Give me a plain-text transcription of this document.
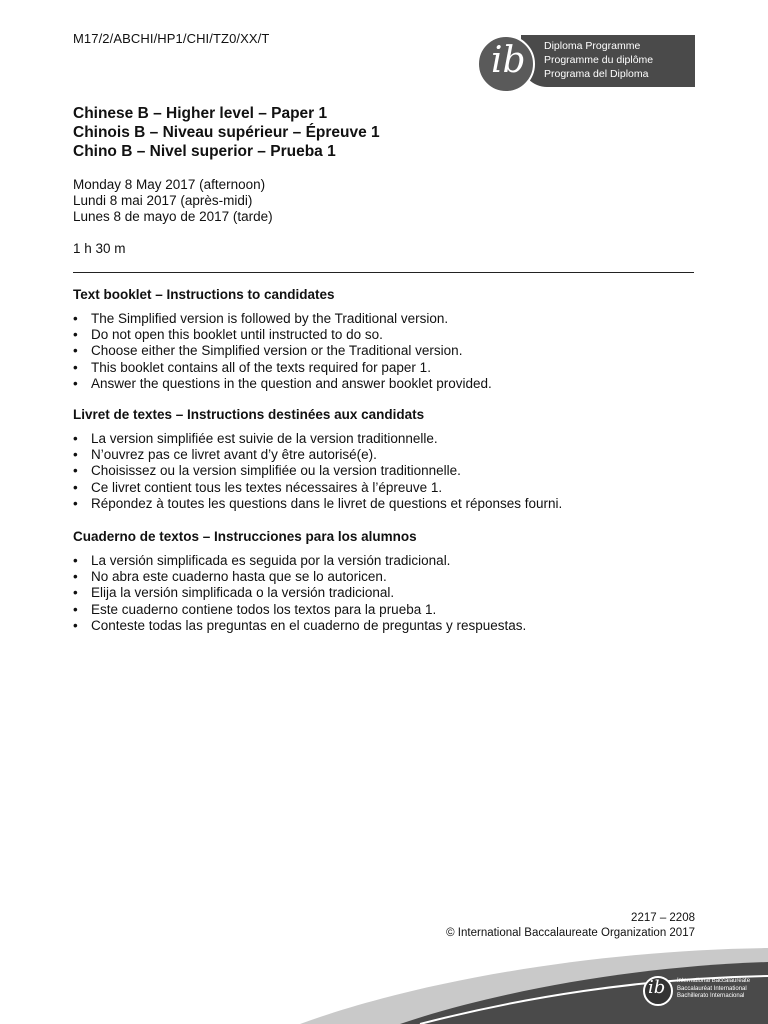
M17/2/ABCHI/HP1/CHI/TZ0/XX/T
ib Diploma Programme
Programme du diplôme
Programa del Diploma
Chinese B – Higher level – Paper 1
Chinois B – Niveau supérieur – Épreuve 1
Chino B – Nivel superior – Prueba 1
Monday 8 May 2017 (afternoon)
Lundi 8 mai 2017 (après-midi)
Lunes 8 de mayo de 2017 (tarde)
1 h 30 m
Text booklet – Instructions to candidates
• The Simplified version is followed by the Traditional version.
• Do not open this booklet until instructed to do so.
• Choose either the Simplified version or the Traditional version.
• This booklet contains all of the texts required for paper 1.
• Answer the questions in the question and answer booklet provided.
Livret de textes – Instructions destinées aux candidats
• La version simplifiée est suivie de la version traditionnelle.
• N’ouvrez pas ce livret avant d’y être autorisé(e).
• Choisissez ou la version simplifiée ou la version traditionnelle.
• Ce livret contient tous les textes nécessaires à l’épreuve 1.
• Répondez à toutes les questions dans le livret de questions et réponses fourni.
Cuaderno de textos – Instrucciones para los alumnos
• La versión simplificada es seguida por la versión tradicional.
• No abra este cuaderno hasta que se lo autoricen.
• Elija la versión simplificada o la versión tradicional.
• Este cuaderno contiene todos los textos para la prueba 1.
• Conteste todas las preguntas en el cuaderno de preguntas y respuestas.
2217 – 2208
© International Baccalaureate Organization 2017
ib International Baccalaureate
Baccalauréat International
Bachillerato Internacional
